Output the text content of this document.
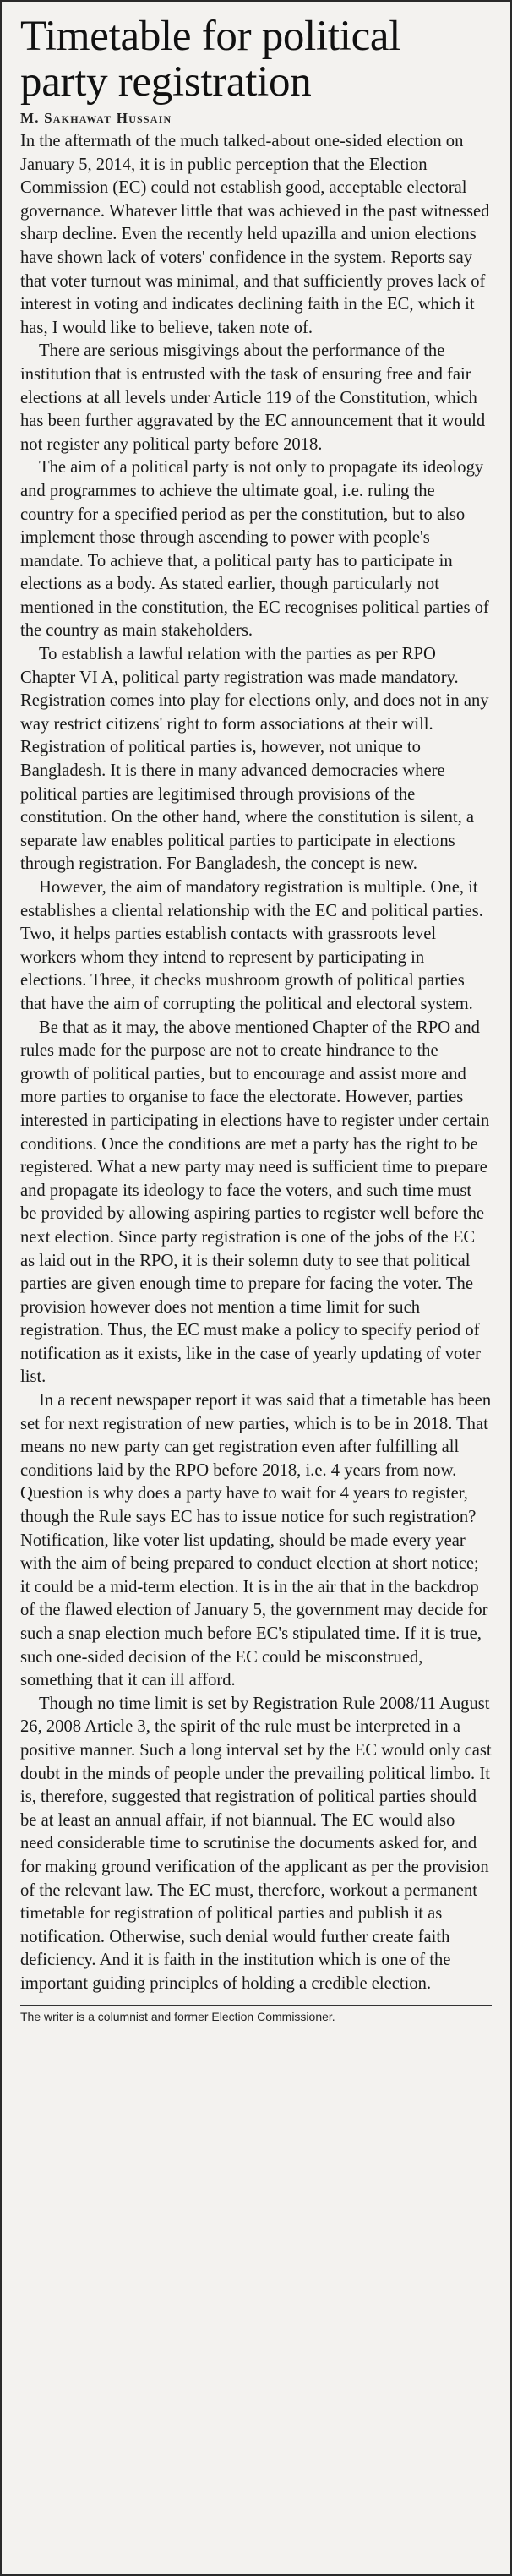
Timetable for political party registration
M. Sakhawat Hussain

In the aftermath of the much talked-about one-sided election on January 5, 2014, it is in public perception that the Election Commission (EC) could not establish good, acceptable electoral governance. Whatever little that was achieved in the past witnessed sharp decline. Even the recently held upazilla and union elections have shown lack of voters' confidence in the system. Reports say that voter turnout was minimal, and that sufficiently proves lack of interest in voting and indicates declining faith in the EC, which it has, I would like to believe, taken note of.

There are serious misgivings about the performance of the institution that is entrusted with the task of ensuring free and fair elections at all levels under Article 119 of the Constitution, which has been further aggravated by the EC announcement that it would not register any political party before 2018.

The aim of a political party is not only to propagate its ideology and programmes to achieve the ultimate goal, i.e. ruling the country for a specified period as per the constitution, but to also implement those through ascending to power with people's mandate. To achieve that, a political party has to participate in elections as a body. As stated earlier, though particularly not mentioned in the constitution, the EC recognises political parties of the country as main stakeholders.

To establish a lawful relation with the parties as per RPO Chapter VI A, political party registration was made mandatory. Registration comes into play for elections only, and does not in any way restrict citizens' right to form associations at their will. Registration of political parties is, however, not unique to Bangladesh. It is there in many advanced democracies where political parties are legitimised through provisions of the constitution. On the other hand, where the constitution is silent, a separate law enables political parties to participate in elections through registration. For Bangladesh, the concept is new.

However, the aim of mandatory registration is multiple. One, it establishes a cliental relationship with the EC and political parties. Two, it helps parties establish contacts with grassroots level workers whom they intend to represent by participating in elections. Three, it checks mushroom growth of political parties that have the aim of corrupting the political and electoral system.

Be that as it may, the above mentioned Chapter of the RPO and rules made for the purpose are not to create hindrance to the growth of political parties, but to encourage and assist more and more parties to organise to face the electorate. However, parties interested in participating in elections have to register under certain conditions. Once the conditions are met a party has the right to be registered. What a new party may need is sufficient time to prepare and propagate its ideology to face the voters, and such time must be provided by allowing aspiring parties to register well before the next election. Since party registration is one of the jobs of the EC as laid out in the RPO, it is their solemn duty to see that political parties are given enough time to prepare for facing the voter. The provision however does not mention a time limit for such registration. Thus, the EC must make a policy to specify period of notification as it exists, like in the case of yearly updating of voter list.

In a recent newspaper report it was said that a timetable has been set for next registration of new parties, which is to be in 2018. That means no new party can get registration even after fulfilling all conditions laid by the RPO before 2018, i.e. 4 years from now. Question is why does a party have to wait for 4 years to register, though the Rule says EC has to issue notice for such registration? Notification, like voter list updating, should be made every year with the aim of being prepared to conduct election at short notice; it could be a mid-term election. It is in the air that in the backdrop of the flawed election of January 5, the government may decide for such a snap election much before EC's stipulated time. If it is true, such one-sided decision of the EC could be misconstrued, something that it can ill afford.

Though no time limit is set by Registration Rule 2008/11 August 26, 2008 Article 3, the spirit of the rule must be interpreted in a positive manner. Such a long interval set by the EC would only cast doubt in the minds of people under the prevailing political limbo. It is, therefore, suggested that registration of political parties should be at least an annual affair, if not biannual. The EC would also need considerable time to scrutinise the documents asked for, and for making ground verification of the applicant as per the provision of the relevant law. The EC must, therefore, workout a permanent timetable for registration of political parties and publish it as notification. Otherwise, such denial would further create faith deficiency. And it is faith in the institution which is one of the important guiding principles of holding a credible election.

The writer is a columnist and former Election Commissioner.
